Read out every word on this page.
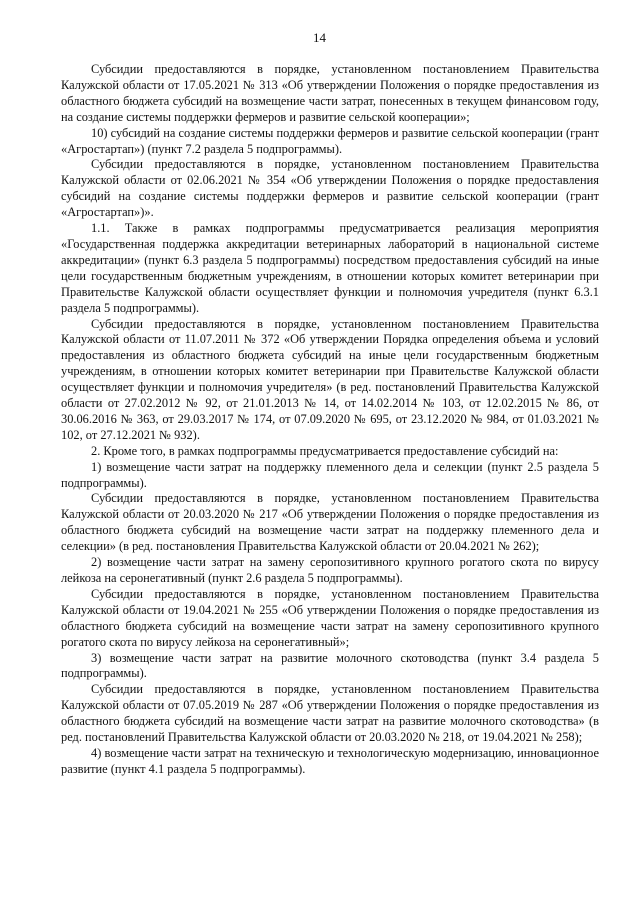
14

Субсидии предоставляются в порядке, установленном постановлением Правительства Калужской области от 17.05.2021 № 313 «Об утверждении Положения о порядке предоставления из областного бюджета субсидий на возмещение части затрат, понесенных в текущем финансовом году, на создание системы поддержки фермеров и развитие сельской кооперации»;

10) субсидий на создание системы поддержки фермеров и развитие сельской кооперации (грант «Агростартап») (пункт 7.2 раздела 5 подпрограммы).

Субсидии предоставляются в порядке, установленном постановлением Правительства Калужской области от 02.06.2021 № 354 «Об утверждении Положения о порядке предоставления субсидий на создание системы поддержки фермеров и развитие сельской кооперации (грант «Агростартап»)».

1.1. Также в рамках подпрограммы предусматривается реализация мероприятия «Государственная поддержка аккредитации ветеринарных лабораторий в национальной системе аккредитации» (пункт 6.3 раздела 5 подпрограммы) посредством предоставления субсидий на иные цели государственным бюджетным учреждениям, в отношении которых комитет ветеринарии при Правительстве Калужской области осуществляет функции и полномочия учредителя (пункт 6.3.1 раздела 5 подпрограммы).

Субсидии предоставляются в порядке, установленном постановлением Правительства Калужской области от 11.07.2011 № 372 «Об утверждении Порядка определения объема и условий предоставления из областного бюджета субсидий на иные цели государственным бюджетным учреждениям, в отношении которых комитет ветеринарии при Правительстве Калужской области осуществляет функции и полномочия учредителя» (в ред. постановлений Правительства Калужской области от 27.02.2012 № 92, от 21.01.2013 № 14, от 14.02.2014 № 103, от 12.02.2015 № 86, от 30.06.2016 № 363, от 29.03.2017 № 174, от 07.09.2020 № 695, от 23.12.2020 № 984, от 01.03.2021 № 102, от 27.12.2021 № 932).

2. Кроме того, в рамках подпрограммы предусматривается предоставление субсидий на:

1) возмещение части затрат на поддержку племенного дела и селекции (пункт 2.5 раздела 5 подпрограммы).

Субсидии предоставляются в порядке, установленном постановлением Правительства Калужской области от 20.03.2020 № 217 «Об утверждении Положения о порядке предоставления из областного бюджета субсидий на возмещение части затрат на поддержку племенного дела и селекции» (в ред. постановления Правительства Калужской области от 20.04.2021 № 262);

2) возмещение части затрат на замену серопозитивного крупного рогатого скота по вирусу лейкоза на серонегативный (пункт 2.6 раздела 5 подпрограммы).

Субсидии предоставляются в порядке, установленном постановлением Правительства Калужской области от 19.04.2021 № 255 «Об утверждении Положения о порядке предоставления из областного бюджета субсидий на возмещение части затрат на замену серопозитивного крупного рогатого скота по вирусу лейкоза на серонегативный»;

3) возмещение части затрат на развитие молочного скотоводства (пункт 3.4 раздела 5 подпрограммы).

Субсидии предоставляются в порядке, установленном постановлением Правительства Калужской области от 07.05.2019 № 287 «Об утверждении Положения о порядке предоставления из областного бюджета субсидий на возмещение части затрат на развитие молочного скотоводства» (в ред. постановлений Правительства Калужской области от 20.03.2020 № 218, от 19.04.2021 № 258);

4) возмещение части затрат на техническую и технологическую модернизацию, инновационное развитие (пункт 4.1 раздела 5 подпрограммы).
